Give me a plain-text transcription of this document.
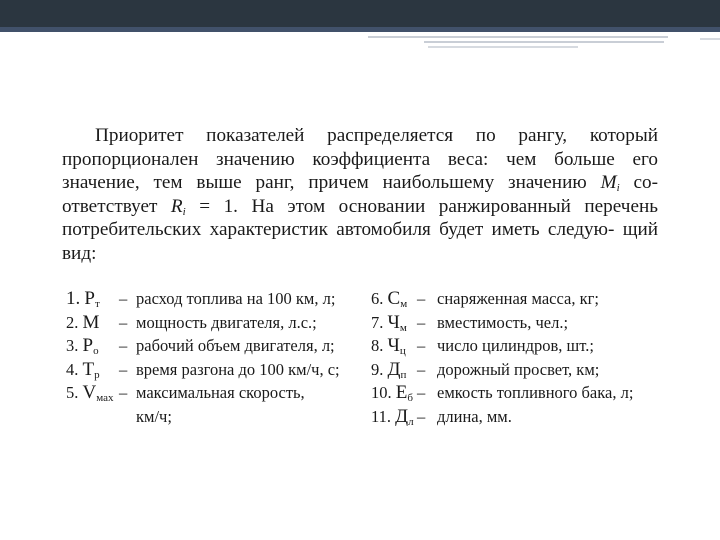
Приоритет показателей распределяется по рангу, который пропорционален значению коэффициента веса: чем больше его значение, тем выше ранг, причем наибольшему значению $M_i$ со- ответствует $R_i = 1$. На этом основании ранжированный перечень потребительских характеристик автомобиля будет иметь следую- щий вид:
1. $Р_т$	– расход топлива на 100 км, л;
2. М	– мощность двигателя, л.с.;
3. $Р_о$	– рабочий объем двигателя, л;
4. $Т_р$	– время разгона до 100 км/ч, с;
5. $V_{мах}$ – максимальная скорость,
км/ч;
6. $С_м$ – снаряженная масса, кг;
7. $Ч_м$ – вместимость, чел.;
8. $Ч_ц$ – число цилиндров, шт.;
9. $Д_п$ – дорожный просвет, км;
10. $Е_б$ – емкость топливного бака, л;
11. $Д_л$ – длина, мм.
